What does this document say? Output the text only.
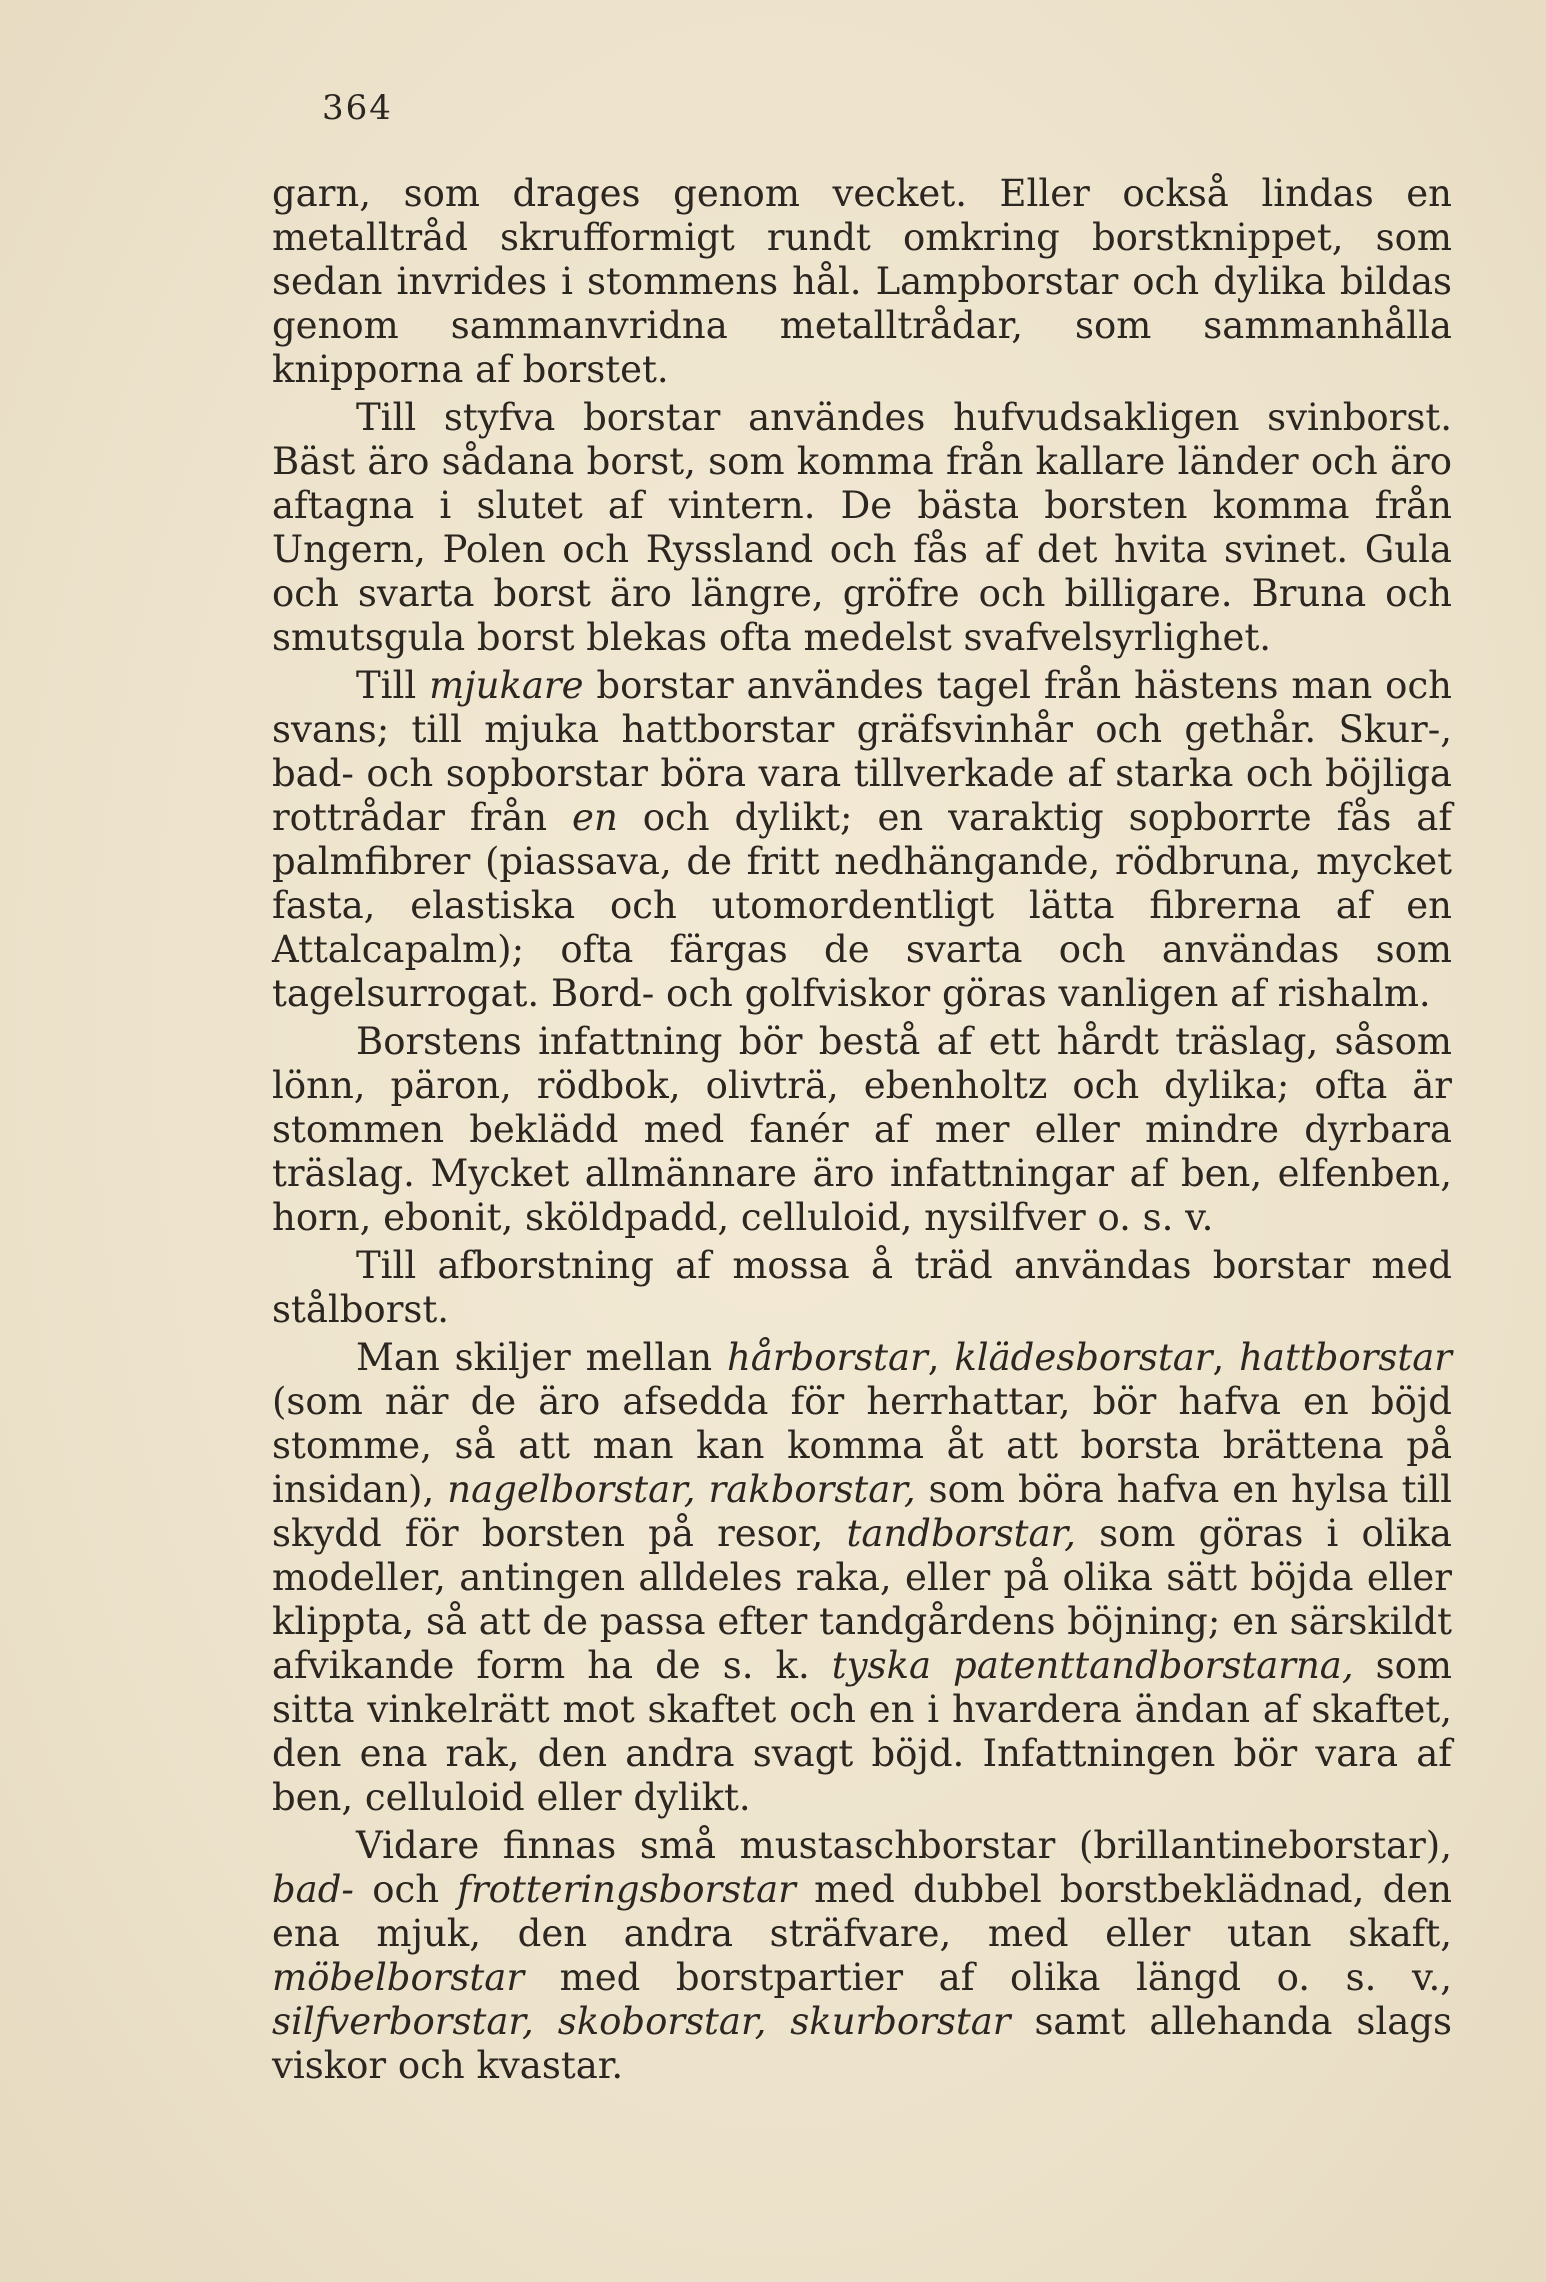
364

garn, som drages genom vecket. Eller också lindas en metalltråd skrufformigt rundt omkring borstknippet, som sedan invrides i stommens hål. Lampborstar och dylika bildas genom sammanvridna metalltrådar, som sammanhålla knipporna af borstet.

Till styfva borstar användes hufvudsakligen svinborst. Bäst äro sådana borst, som komma från kallare länder och äro aftagna i slutet af vintern. De bästa borsten komma från Ungern, Polen och Ryssland och fås af det hvita svinet. Gula och svarta borst äro längre, gröfre och billigare. Bruna och smutsgula borst blekas ofta medelst svafvelsyrlighet.

Till mjukare borstar användes tagel från hästens man och svans; till mjuka hattborstar gräfsvinhår och gethår. Skur-, bad- och sopborstar böra vara tillverkade af starka och böjliga rottrådar från en och dylikt; en varaktig sopborrte fås af palmfibrer (piassava, de fritt nedhängande, rödbruna, mycket fasta, elastiska och utomordentligt lätta fibrerna af en Attalcapalm); ofta färgas de svarta och användas som tagelsurrogat. Bord- och golfviskor göras vanligen af rishalm.

Borstens infattning bör bestå af ett hårdt träslag, såsom lönn, päron, rödbok, olivträ, ebenholtz och dylika; ofta är stommen beklädd med fanér af mer eller mindre dyrbara träslag. Mycket allmännare äro infattningar af ben, elfenben, horn, ebonit, sköldpadd, celluloid, nysilfver o. s. v.

Till afborstning af mossa å träd användas borstar med stålborst.

Man skiljer mellan hårborstar, klädesborstar, hattborstar (som när de äro afsedda för herrhattar, bör hafva en böjd stomme, så att man kan komma åt att borsta brättena på insidan), nagelborstar, rakborstar, som böra hafva en hylsa till skydd för borsten på resor, tandborstar, som göras i olika modeller, antingen alldeles raka, eller på olika sätt böjda eller klippta, så att de passa efter tandgårdens böjning; en särskildt afvikande form ha de s. k. tyska patenttandborstarna, som sitta vinkelrätt mot skaftet och en i hvardera ändan af skaftet, den ena rak, den andra svagt böjd. Infattningen bör vara af ben, celluloid eller dylikt.

Vidare finnas små mustaschborstar (brillantineborstar), bad- och frotteringsborstar med dubbel borstbeklädnad, den ena mjuk, den andra sträfvare, med eller utan skaft, möbelborstar med borstpartier af olika längd o. s. v., silfverborstar, skoborstar, skurborstar samt allehanda slags viskor och kvastar.
